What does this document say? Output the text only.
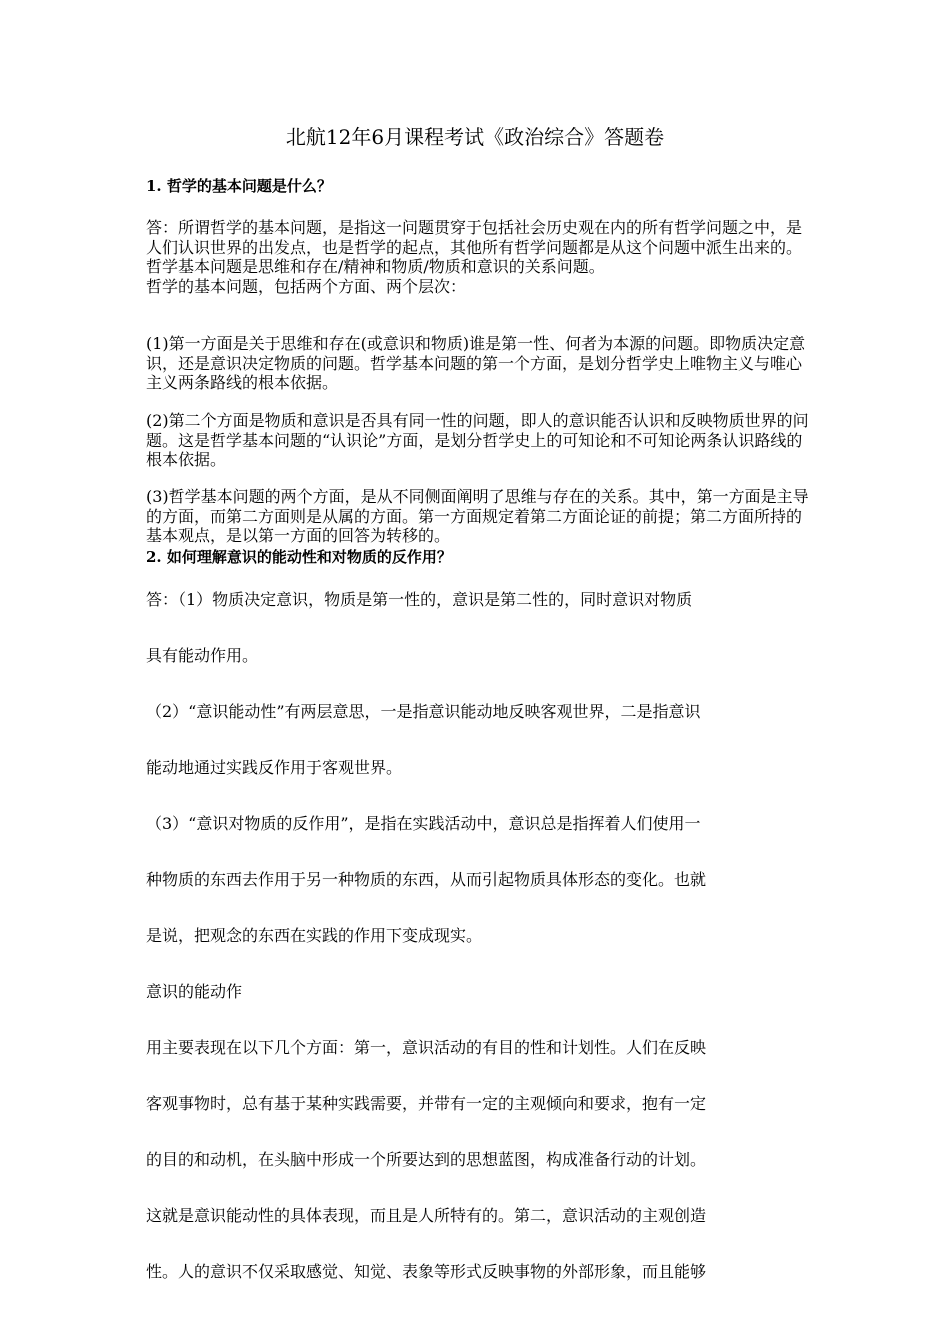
北航12年6月课程考试《政治综合》答题卷
1. 哲学的基本问题是什么？

答：所谓哲学的基本问题，是指这一问题贯穿于包括社会历史观在内的所有哲学问题之中，是人们认识世界的出发点，也是哲学的起点，其他所有哲学问题都是从这个问题中派生出来的。哲学基本问题是思维和存在/精神和物质/物质和意识的关系问题。

哲学的基本问题，包括两个方面、两个层次：

(1)第一方面是关于思维和存在(或意识和物质)谁是第一性、何者为本源的问题。即物质决定意识，还是意识决定物质的问题。哲学基本问题的第一个方面，是划分哲学史上唯物主义与唯心主义两条路线的根本依据。
(2)第二个方面是物质和意识是否具有同一性的问题，即人的意识能否认识和反映物质世界的问题。这是哲学基本问题的“认识论”方面，是划分哲学史上的可知论和不可知论两条认识路线的根本依据。
(3)哲学基本问题的两个方面，是从不同侧面阐明了思维与存在的关系。其中，第一方面是主导的方面，而第二方面则是从属的方面。第一方面规定着第二方面论证的前提；第二方面所持的基本观点，是以第一方面的回答为转移的。
2. 如何理解意识的能动性和对物质的反作用？

答：（1）物质决定意识，物质是第一性的，意识是第二性的，同时意识对物质

具有能动作用。

（2）“意识能动性”有两层意思，一是指意识能动地反映客观世界，二是指意识

能动地通过实践反作用于客观世界。

（3）“意识对物质的反作用”，是指在实践活动中，意识总是指挥着人们使用一

种物质的东西去作用于另一种物质的东西，从而引起物质具体形态的变化。也就

是说，把观念的东西在实践的作用下变成现实。

意识的能动作

用主要表现在以下几个方面：第一，意识活动的有目的性和计划性。人们在反映

客观事物时，总有基于某种实践需要，并带有一定的主观倾向和要求，抱有一定

的目的和动机，在头脑中形成一个所要达到的思想蓝图，构成准备行动的计划。

这就是意识能动性的具体表现，而且是人所特有的。第二，意识活动的主观创造

性。人的意识不仅采取感觉、知觉、表象等形式反映事物的外部形象，而且能够
